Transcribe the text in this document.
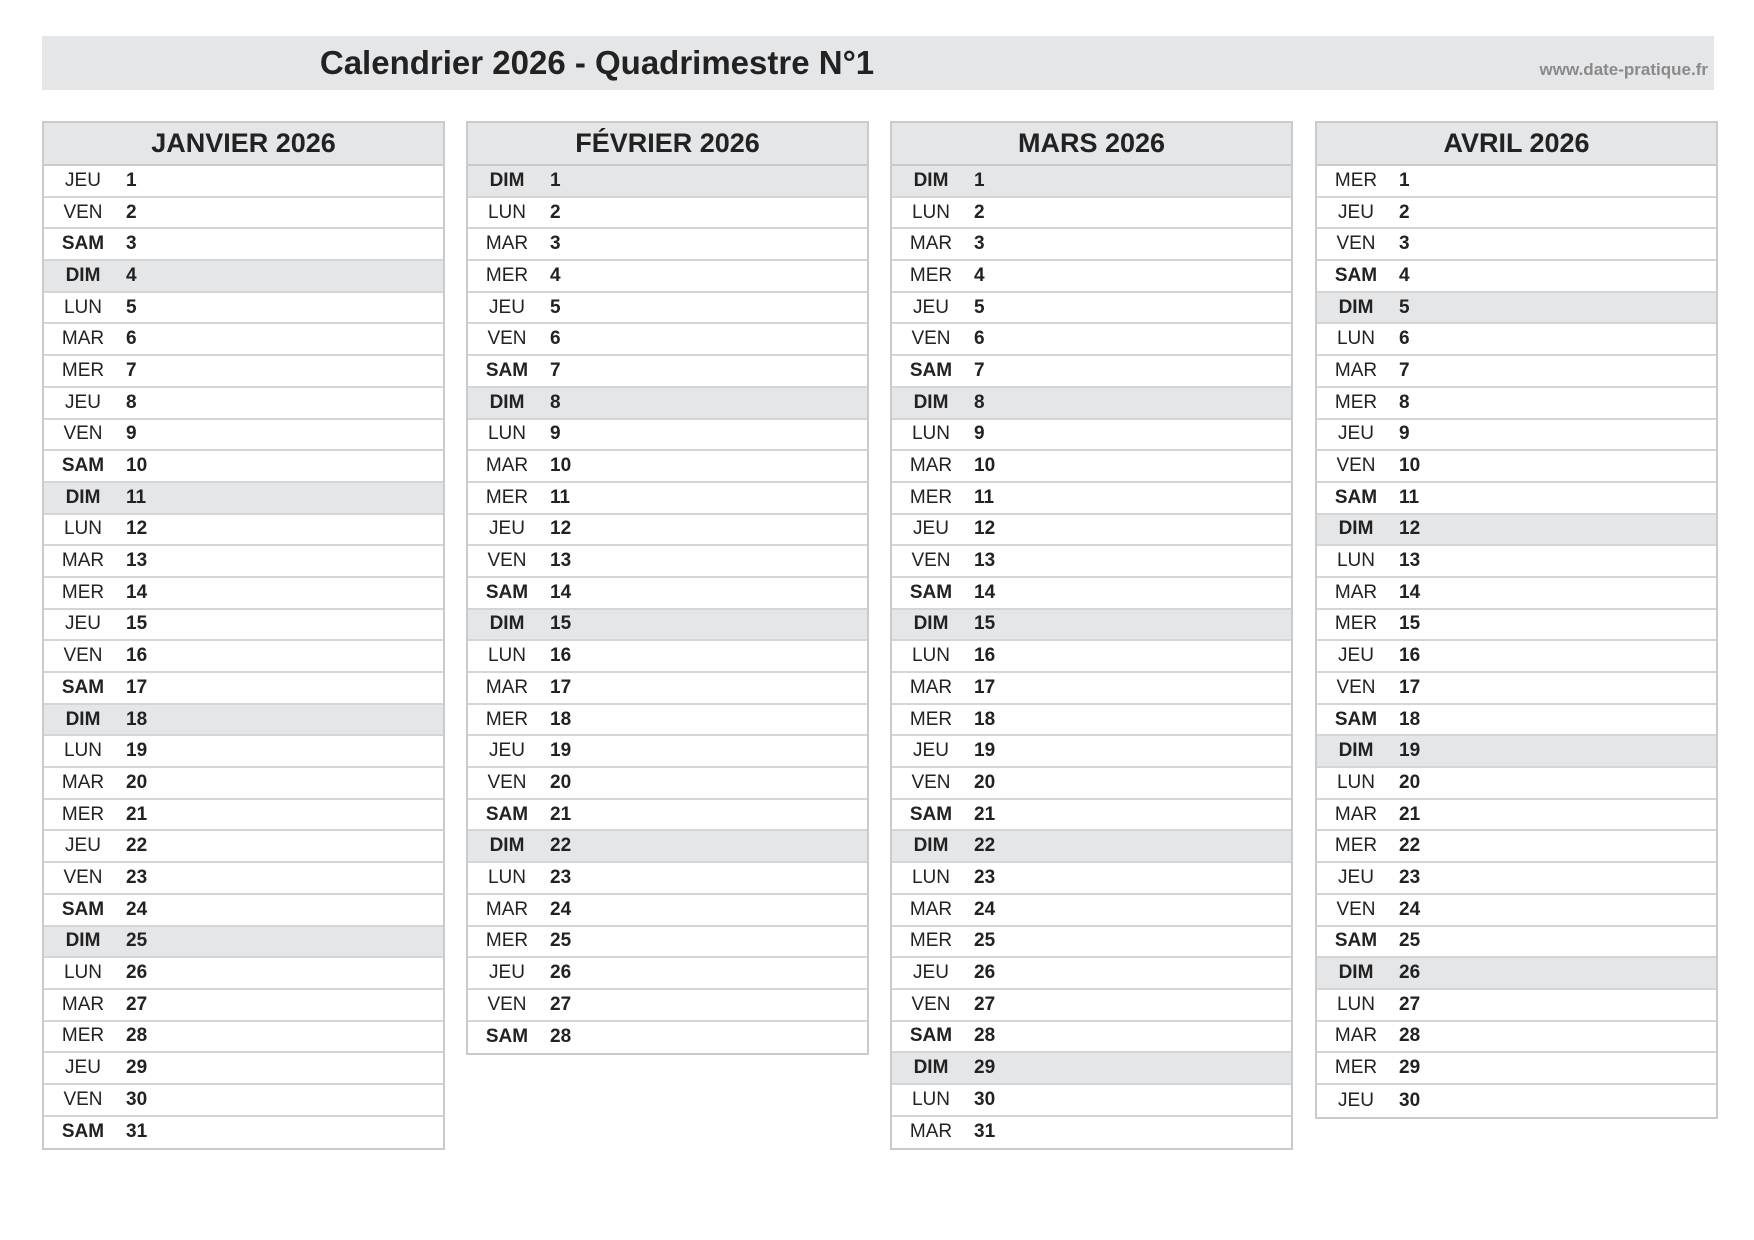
Calendrier 2026 - Quadrimestre N°1	www.date-pratique.fr
JANVIER 2026
JEU	1
VEN	2
SAM	3
DIM	4
LUN	5
MAR	6
MER	7
JEU	8
VEN	9
SAM	10
DIM	11
LUN	12
MAR	13
MER	14
JEU	15
VEN	16
SAM	17
DIM	18
LUN	19
MAR	20
MER	21
JEU	22
VEN	23
SAM	24
DIM	25
LUN	26
MAR	27
MER	28
JEU	29
VEN	30
SAM	31
FÉVRIER 2026
DIM	1
LUN	2
MAR	3
MER	4
JEU	5
VEN	6
SAM	7
DIM	8
LUN	9
MAR	10
MER	11
JEU	12
VEN	13
SAM	14
DIM	15
LUN	16
MAR	17
MER	18
JEU	19
VEN	20
SAM	21
DIM	22
LUN	23
MAR	24
MER	25
JEU	26
VEN	27
SAM	28
MARS 2026
DIM	1
LUN	2
MAR	3
MER	4
JEU	5
VEN	6
SAM	7
DIM	8
LUN	9
MAR	10
MER	11
JEU	12
VEN	13
SAM	14
DIM	15
LUN	16
MAR	17
MER	18
JEU	19
VEN	20
SAM	21
DIM	22
LUN	23
MAR	24
MER	25
JEU	26
VEN	27
SAM	28
DIM	29
LUN	30
MAR	31
AVRIL 2026
MER	1
JEU	2
VEN	3
SAM	4
DIM	5
LUN	6
MAR	7
MER	8
JEU	9
VEN	10
SAM	11
DIM	12
LUN	13
MAR	14
MER	15
JEU	16
VEN	17
SAM	18
DIM	19
LUN	20
MAR	21
MER	22
JEU	23
VEN	24
SAM	25
DIM	26
LUN	27
MAR	28
MER	29
JEU	30
